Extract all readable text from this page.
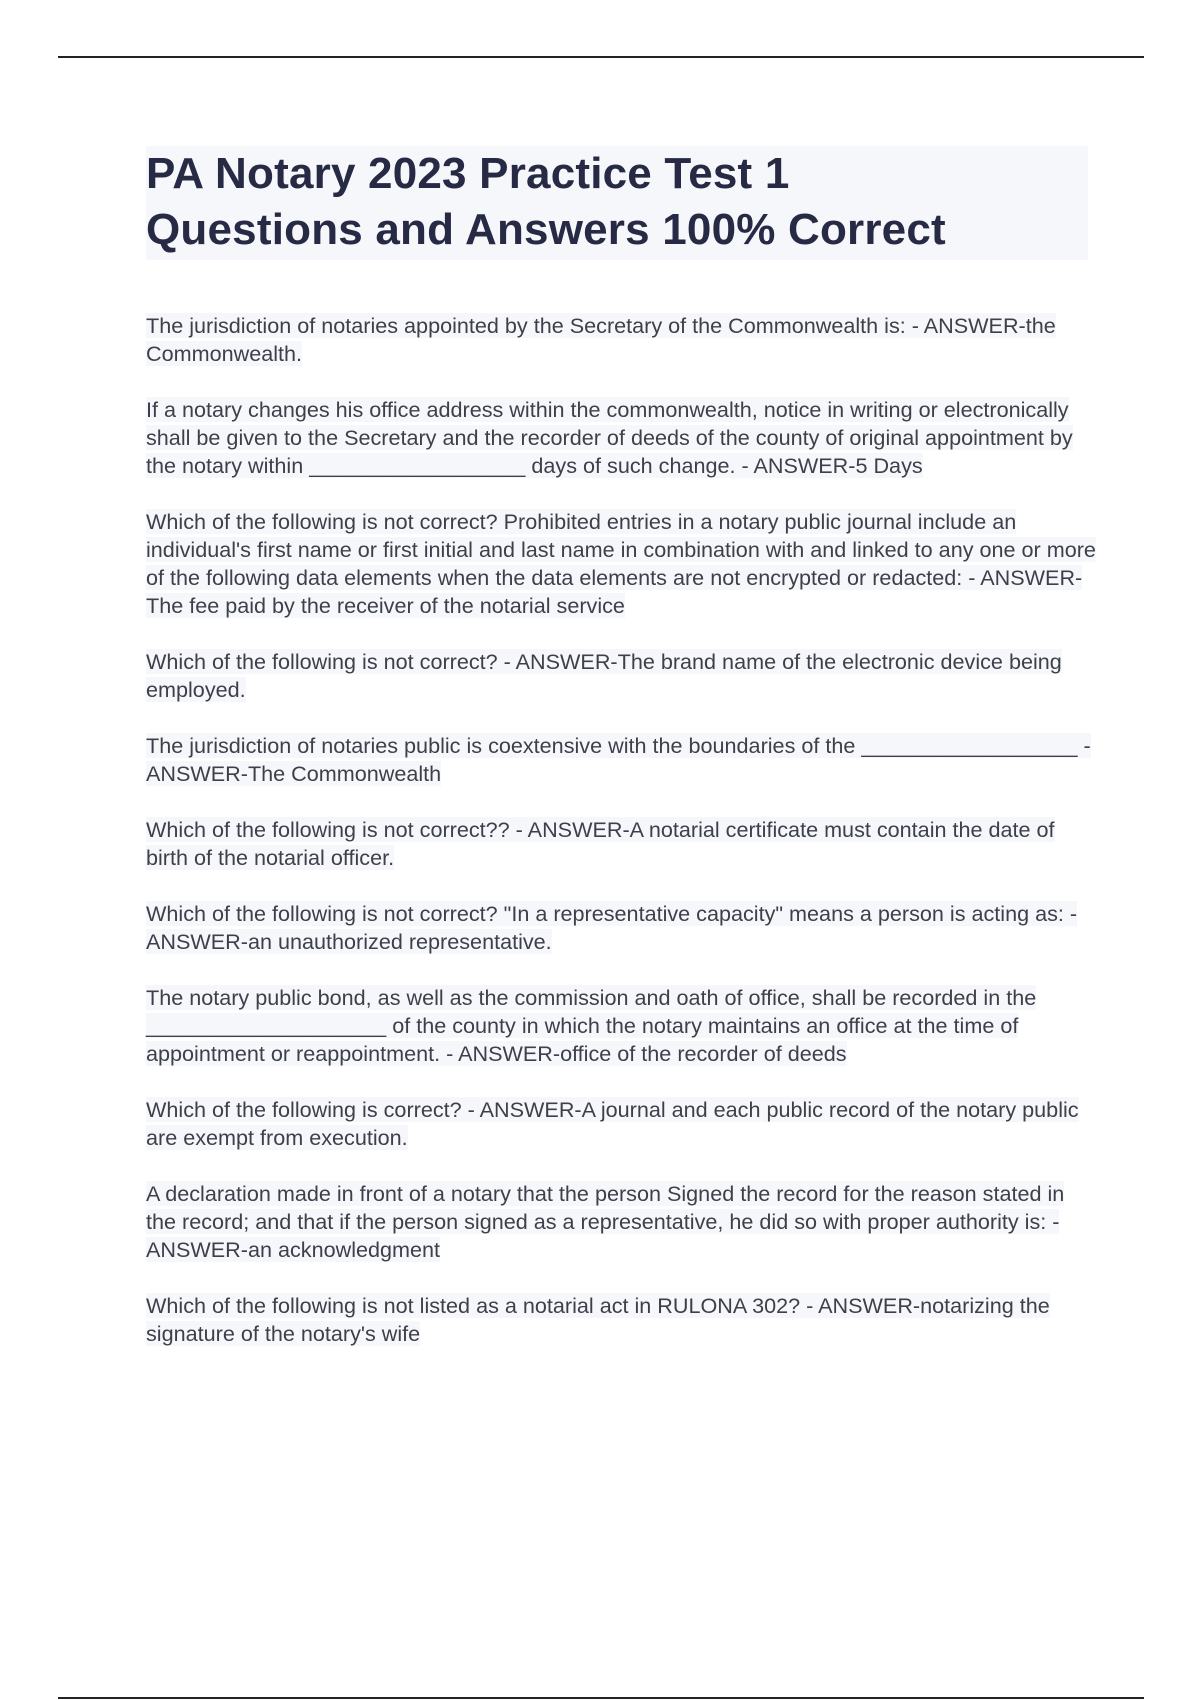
PA Notary 2023 Practice Test 1
Questions and Answers 100% Correct

The jurisdiction of notaries appointed by the Secretary of the Commonwealth is: - ANSWER-the Commonwealth.

If a notary changes his office address within the commonwealth, notice in writing or electronically shall be given to the Secretary and the recorder of deeds of the county of original appointment by the notary within __________________ days of such change. - ANSWER-5 Days

Which of the following is not correct? Prohibited entries in a notary public journal include an individual's first name or first initial and last name in combination with and linked to any one or more of the following data elements when the data elements are not encrypted or redacted: - ANSWER-The fee paid by the receiver of the notarial service

Which of the following is not correct? - ANSWER-The brand name of the electronic device being employed.

The jurisdiction of notaries public is coextensive with the boundaries of the __________________ - ANSWER-The Commonwealth

Which of the following is not correct?? - ANSWER-A notarial certificate must contain the date of birth of the notarial officer.

Which of the following is not correct? "In a representative capacity" means a person is acting as: - ANSWER-an unauthorized representative.

The notary public bond, as well as the commission and oath of office, shall be recorded in the ____________________ of the county in which the notary maintains an office at the time of appointment or reappointment. - ANSWER-office of the recorder of deeds

Which of the following is correct? - ANSWER-A journal and each public record of the notary public are exempt from execution.

A declaration made in front of a notary that the person Signed the record for the reason stated in the record; and that if the person signed as a representative, he did so with proper authority is: - ANSWER-an acknowledgment

Which of the following is not listed as a notarial act in RULONA 302? - ANSWER-notarizing the signature of the notary's wife
